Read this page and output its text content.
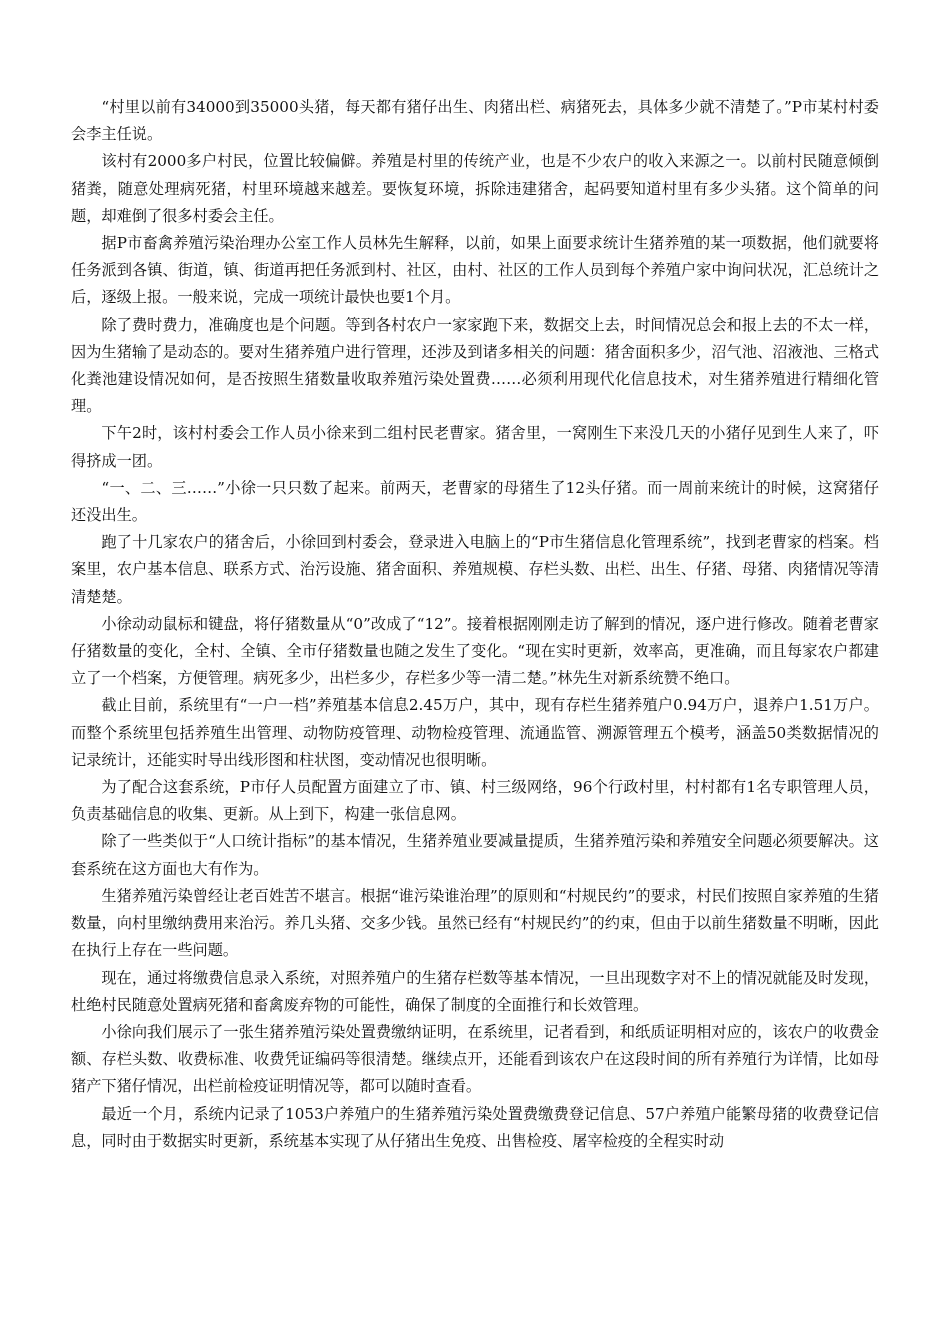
“村里以前有34000到35000头猪，每天都有猪仔出生、肉猪出栏、病猪死去，具体多少就不清楚了。”P市某村村委会李主任说。

该村有2000多户村民，位置比较偏僻。养殖是村里的传统产业，也是不少农户的收入来源之一。以前村民随意倾倒猪粪，随意处理病死猪，村里环境越来越差。要恢复环境，拆除违建猪舍，起码要知道村里有多少头猪。这个简单的问题，却难倒了很多村委会主任。

据P市畜禽养殖污染治理办公室工作人员林先生解释，以前，如果上面要求统计生猪养殖的某一项数据，他们就要将任务派到各镇、街道，镇、街道再把任务派到村、社区，由村、社区的工作人员到每个养殖户家中询问状况，汇总统计之后，逐级上报。一般来说，完成一项统计最快也要1个月。

除了费时费力，准确度也是个问题。等到各村农户一家家跑下来，数据交上去，时间情况总会和报上去的不太一样，因为生猪输了是动态的。要对生猪养殖户进行管理，还涉及到诸多相关的问题：猪舍面积多少，沼气池、沼液池、三格式化粪池建设情况如何，是否按照生猪数量收取养殖污染处置费……必须利用现代化信息技术，对生猪养殖进行精细化管理。

下午2时，该村村委会工作人员小徐来到二组村民老曹家。猪舍里，一窝刚生下来没几天的小猪仔见到生人来了，吓得挤成一团。

“一、二、三……”小徐一只只数了起来。前两天，老曹家的母猪生了12头仔猪。而一周前来统计的时候，这窝猪仔还没出生。

跑了十几家农户的猪舍后，小徐回到村委会，登录进入电脑上的“P市生猪信息化管理系统”，找到老曹家的档案。档案里，农户基本信息、联系方式、治污设施、猪舍面积、养殖规模、存栏头数、出栏、出生、仔猪、母猪、肉猪情况等清清楚楚。

小徐动动鼠标和键盘，将仔猪数量从“0”改成了“12”。接着根据刚刚走访了解到的情况，逐户进行修改。随着老曹家仔猪数量的变化，全村、全镇、全市仔猪数量也随之发生了变化。“现在实时更新，效率高，更准确，而且每家农户都建立了一个档案，方便管理。病死多少，出栏多少，存栏多少等一清二楚。”林先生对新系统赞不绝口。

截止目前，系统里有“一户一档”养殖基本信息2.45万户，其中，现有存栏生猪养殖户0.94万户，退养户1.51万户。而整个系统里包括养殖生出管理、动物防疫管理、动物检疫管理、流通监管、溯源管理五个模考，涵盖50类数据情况的记录统计，还能实时导出线形图和柱状图，变动情况也很明晰。

为了配合这套系统，P市仔人员配置方面建立了市、镇、村三级网络，96个行政村里，村村都有1名专职管理人员，负责基础信息的收集、更新。从上到下，构建一张信息网。

除了一些类似于“人口统计指标”的基本情况，生猪养殖业要减量提质，生猪养殖污染和养殖安全问题必须要解决。这套系统在这方面也大有作为。

生猪养殖污染曾经让老百姓苦不堪言。根据“谁污染谁治理”的原则和“村规民约”的要求，村民们按照自家养殖的生猪数量，向村里缴纳费用来治污。养几头猪、交多少钱。虽然已经有“村规民约”的约束，但由于以前生猪数量不明晰，因此在执行上存在一些问题。

现在，通过将缴费信息录入系统，对照养殖户的生猪存栏数等基本情况，一旦出现数字对不上的情况就能及时发现，杜绝村民随意处置病死猪和畜禽废弃物的可能性，确保了制度的全面推行和长效管理。

小徐向我们展示了一张生猪养殖污染处置费缴纳证明，在系统里，记者看到，和纸质证明相对应的，该农户的收费金额、存栏头数、收费标准、收费凭证编码等很清楚。继续点开，还能看到该农户在这段时间的所有养殖行为详情，比如母猪产下猪仔情况，出栏前检疫证明情况等，都可以随时查看。

最近一个月，系统内记录了1053户养殖户的生猪养殖污染处置费缴费登记信息、57户养殖户能繁母猪的收费登记信息，同时由于数据实时更新，系统基本实现了从仔猪出生免疫、出售检疫、屠宰检疫的全程实时动
